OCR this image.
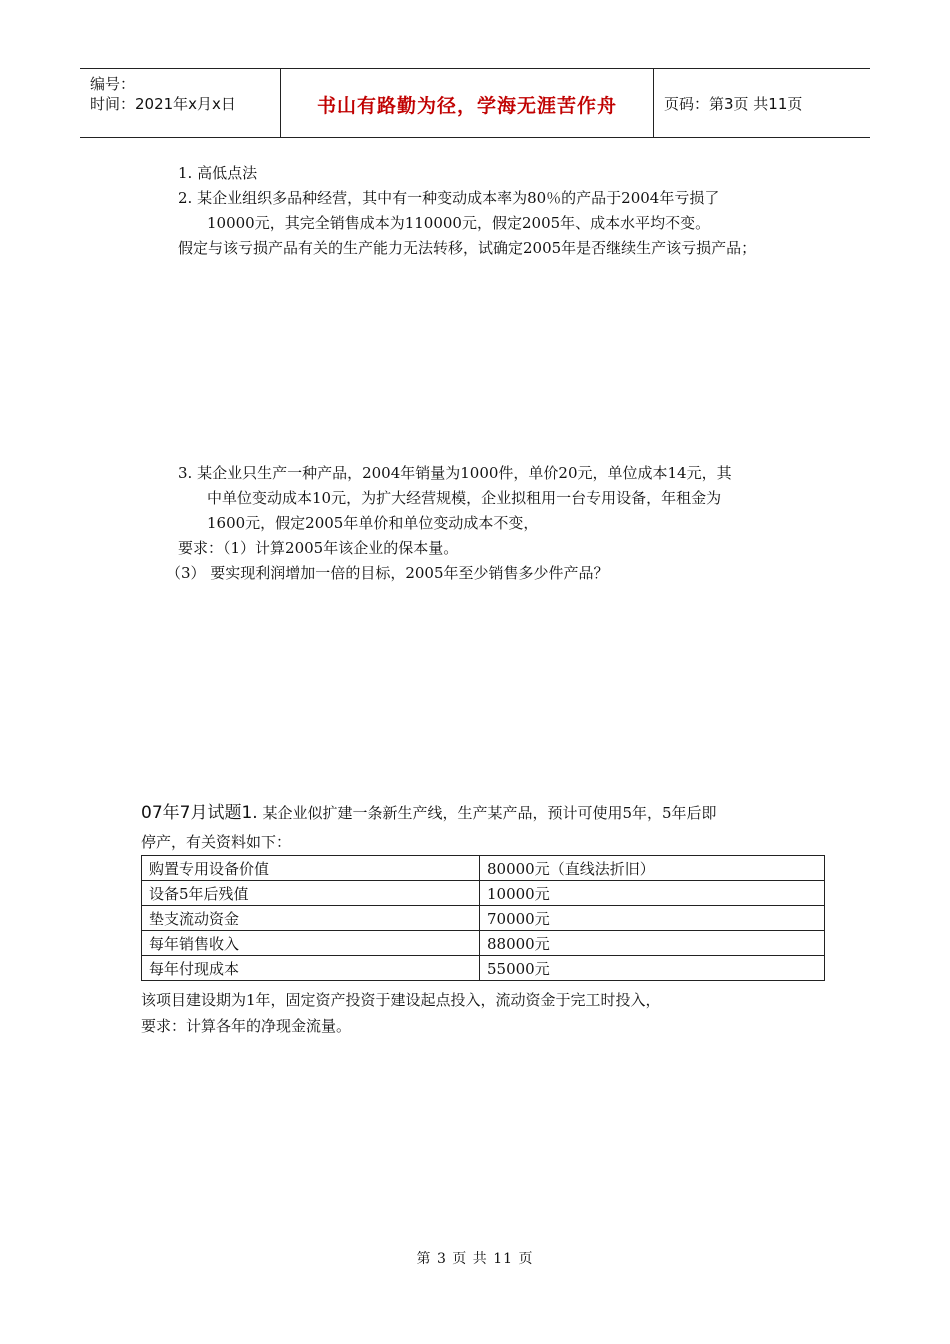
编号：
时间：2021年x月x日	书山有路勤为径，学海无涯苦作舟	页码：第3页 共11页
1. 高低点法
2. 某企业组织多品种经营，其中有一种变动成本率为80％的产品于2004年亏损了
10000元，其完全销售成本为110000元，假定2005年、成本水平均不变。
假定与该亏损产品有关的生产能力无法转移，试确定2005年是否继续生产该亏损产品；
3. 某企业只生产一种产品，2004年销量为1000件，单价20元，单位成本14元，其
中单位变动成本10元，为扩大经营规模，企业拟租用一台专用设备，年租金为
1600元，假定2005年单价和单位变动成本不变，
要求：（1）计算2005年该企业的保本量。
（3） 要实现利润增加一倍的目标，2005年至少销售多少件产品？
07年7月试题1. 某企业似扩建一条新生产线，生产某产品，预计可使用5年，5年后即
停产，有关资料如下：
购置专用设备价值	80000元（直线法折旧）
设备5年后残值	10000元
垫支流动资金	70000元
每年销售收入	88000元
每年付现成本	55000元
该项目建设期为1年，固定资产投资于建设起点投入，流动资金于完工时投入，
要求：计算各年的净现金流量。
第 3 页 共 11 页
